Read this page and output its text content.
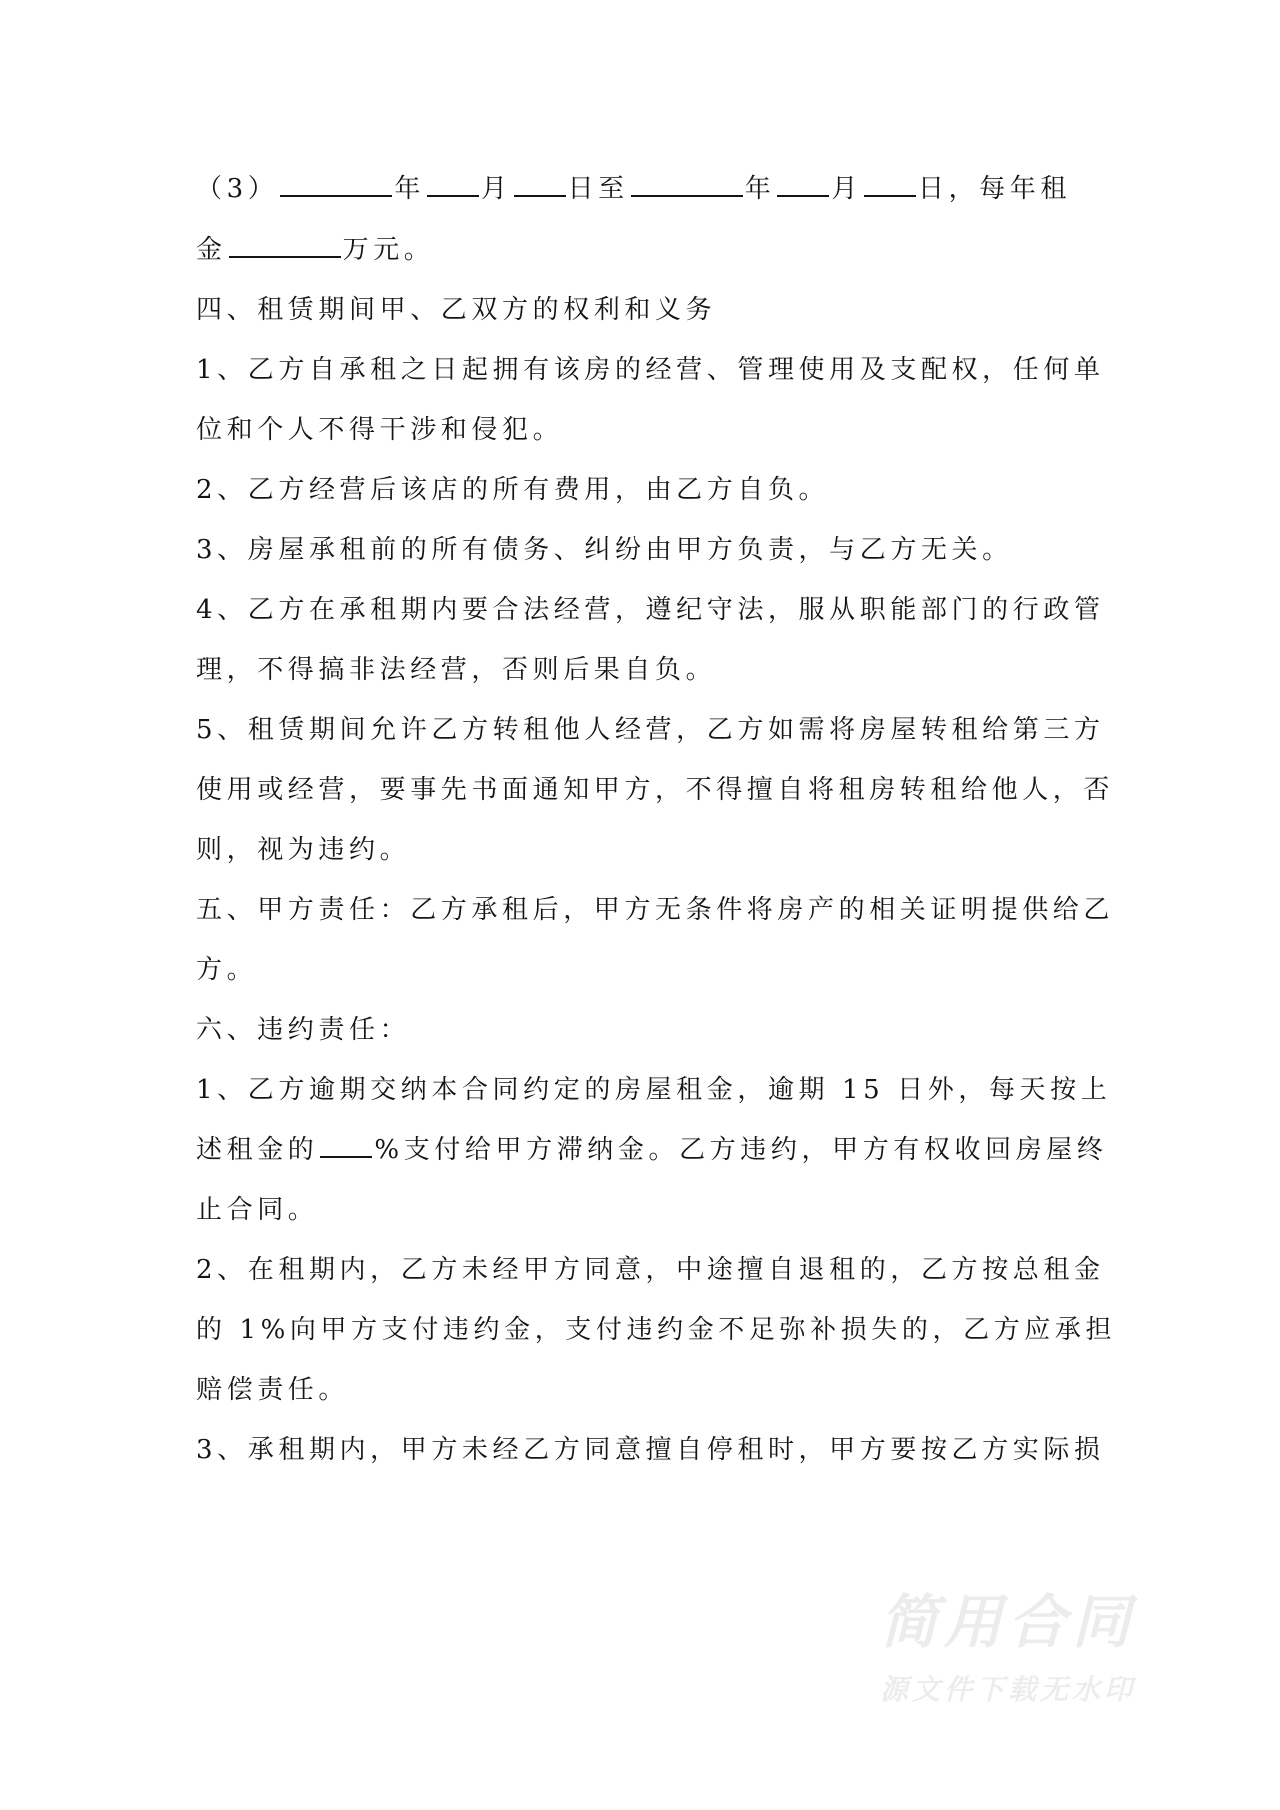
（3）	年 月 日至	年 月 日，每年租
金	万元。
四、租赁期间甲、乙双方的权利和义务
1、乙方自承租之日起拥有该房的经营、管理使用及支配权，任何单
位和个人不得干涉和侵犯。
2、乙方经营后该店的所有费用，由乙方自负。
3、房屋承租前的所有债务、纠纷由甲方负责，与乙方无关。
4、乙方在承租期内要合法经营，遵纪守法，服从职能部门的行政管
理，不得搞非法经营，否则后果自负。
5、租赁期间允许乙方转租他人经营，乙方如需将房屋转租给第三方
使用或经营，要事先书面通知甲方，不得擅自将租房转租给他人，否
则，视为违约。
五、甲方责任：乙方承租后，甲方无条件将房产的相关证明提供给乙
方。
六、违约责任：
1、乙方逾期交纳本合同约定的房屋租金，逾期 15 日外，每天按上
述租金的 %支付给甲方滞纳金。乙方违约，甲方有权收回房屋终
止合同。
2、在租期内，乙方未经甲方同意，中途擅自退租的，乙方按总租金
的 1%向甲方支付违约金，支付违约金不足弥补损失的，乙方应承担
赔偿责任。
3、承租期内，甲方未经乙方同意擅自停租时，甲方要按乙方实际损
简用合同
源文件下载无水印
